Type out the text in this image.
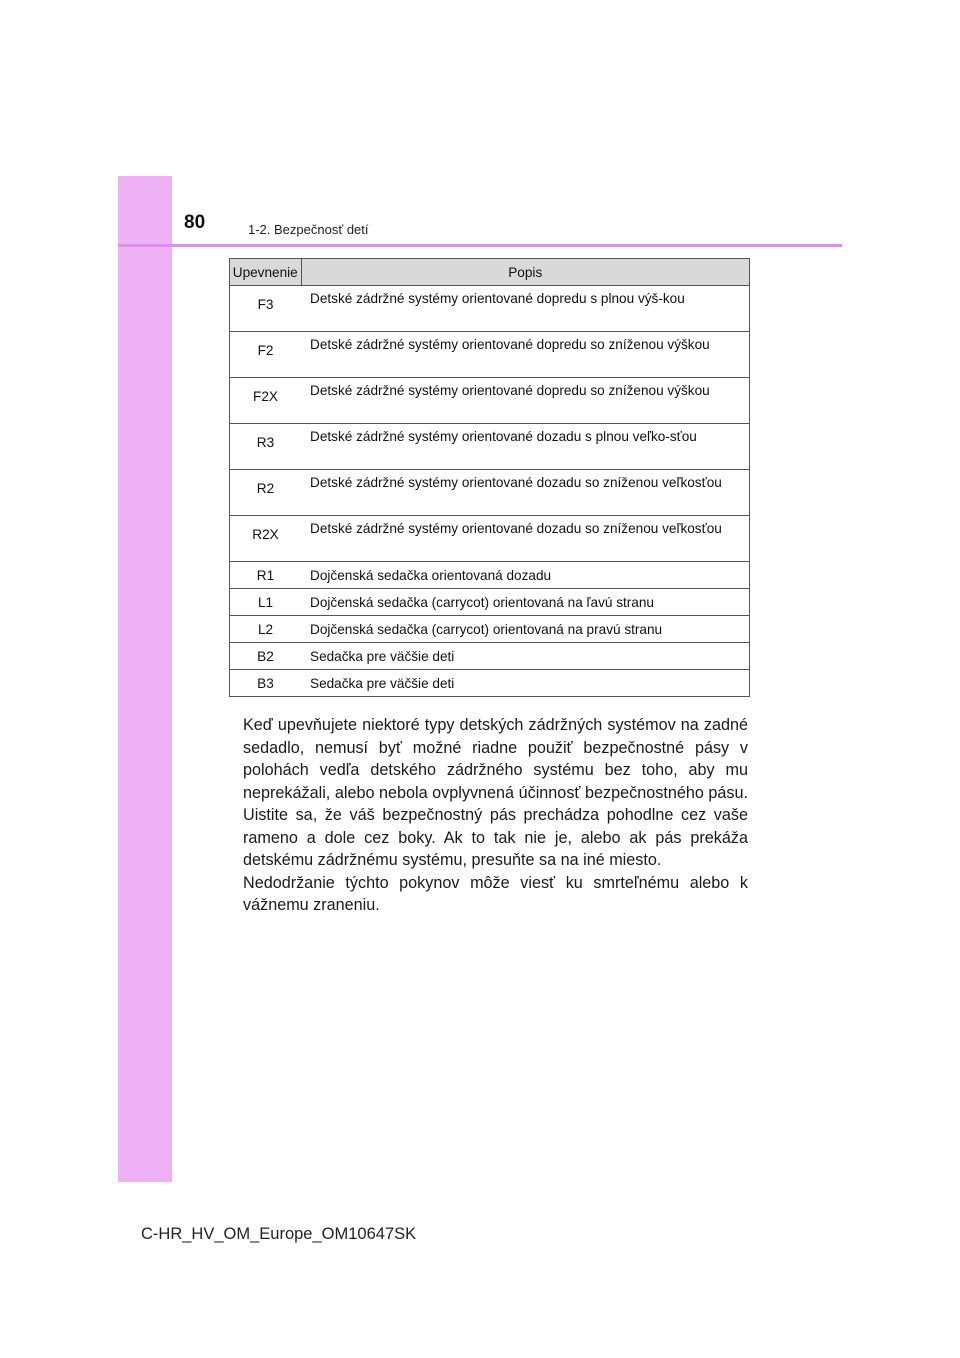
80	1-2. Bezpečnosť detí
Upevnenie	Popis
F3	Detské zádržné systémy orientované dopredu s plnou výš-kou
F2	Detské zádržné systémy orientované dopredu so zníženou výškou
F2X	Detské zádržné systémy orientované dopredu so zníženou výškou
R3	Detské zádržné systémy orientované dozadu s plnou veľko-sťou
R2	Detské zádržné systémy orientované dozadu so zníženou veľkosťou
R2X	Detské zádržné systémy orientované dozadu so zníženou veľkosťou
R1	Dojčenská sedačka orientovaná dozadu
L1	Dojčenská sedačka (carrycot) orientovaná na ľavú stranu
L2	Dojčenská sedačka (carrycot) orientovaná na pravú stranu
B2	Sedačka pre väčšie deti
B3	Sedačka pre väčšie deti

Keď upevňujete niektoré typy detských zádržných systémov na zadné sedadlo, nemusí byť možné riadne použiť bezpečnostné pásy v polohách vedľa detského zádržného systému bez toho, aby mu neprekážali, alebo nebola ovplyvnená účinnosť bezpečnostného pásu. Uistite sa, že váš bezpečnostný pás prechádza pohodlne cez vaše rameno a dole cez boky. Ak to tak nie je, alebo ak pás prekáža detskému zádržnému systému, presuňte sa na iné miesto.

Nedodržanie týchto pokynov môže viesť ku smrteľnému alebo k vážnemu zraneniu.

C-HR_HV_OM_Europe_OM10647SK
